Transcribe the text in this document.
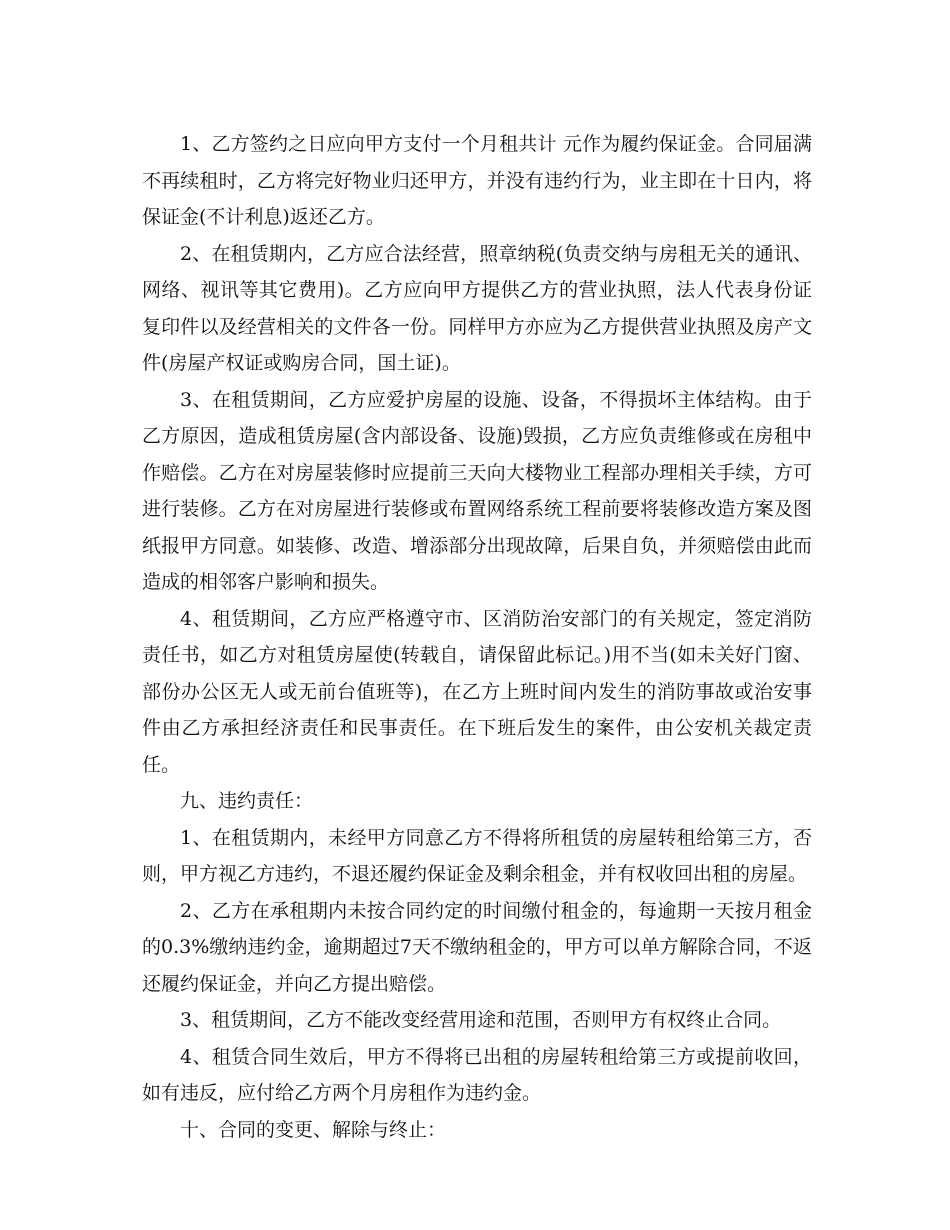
1、乙方签约之日应向甲方支付一个月租共计 元作为履约保证金。合同届满不再续租时，乙方将完好物业归还甲方，并没有违约行为，业主即在十日内，将保证金(不计利息)返还乙方。

2、在租赁期内，乙方应合法经营，照章纳税(负责交纳与房租无关的通讯、网络、视讯等其它费用)。乙方应向甲方提供乙方的营业执照，法人代表身份证复印件以及经营相关的文件各一份。同样甲方亦应为乙方提供营业执照及房产文件(房屋产权证或购房合同，国土证)。

3、在租赁期间，乙方应爱护房屋的设施、设备，不得损坏主体结构。由于乙方原因，造成租赁房屋(含内部设备、设施)毁损，乙方应负责维修或在房租中作赔偿。乙方在对房屋装修时应提前三天向大楼物业工程部办理相关手续，方可进行装修。乙方在对房屋进行装修或布置网络系统工程前要将装修改造方案及图纸报甲方同意。如装修、改造、增添部分出现故障，后果自负，并须赔偿由此而造成的相邻客户影响和损失。

4、租赁期间，乙方应严格遵守市、区消防治安部门的有关规定，签定消防责任书，如乙方对租赁房屋使(转载自，请保留此标记。)用不当(如未关好门窗、部份办公区无人或无前台值班等)，在乙方上班时间内发生的消防事故或治安事件由乙方承担经济责任和民事责任。在下班后发生的案件，由公安机关裁定责任。

九、违约责任：

1、在租赁期内，未经甲方同意乙方不得将所租赁的房屋转租给第三方，否则，甲方视乙方违约，不退还履约保证金及剩余租金，并有权收回出租的房屋。

2、乙方在承租期内未按合同约定的时间缴付租金的，每逾期一天按月租金的0.3%缴纳违约金，逾期超过7天不缴纳租金的，甲方可以单方解除合同，不返还履约保证金，并向乙方提出赔偿。

3、租赁期间，乙方不能改变经营用途和范围，否则甲方有权终止合同。

4、租赁合同生效后，甲方不得将已出租的房屋转租给第三方或提前收回，如有违反，应付给乙方两个月房租作为违约金。

十、合同的变更、解除与终止：
